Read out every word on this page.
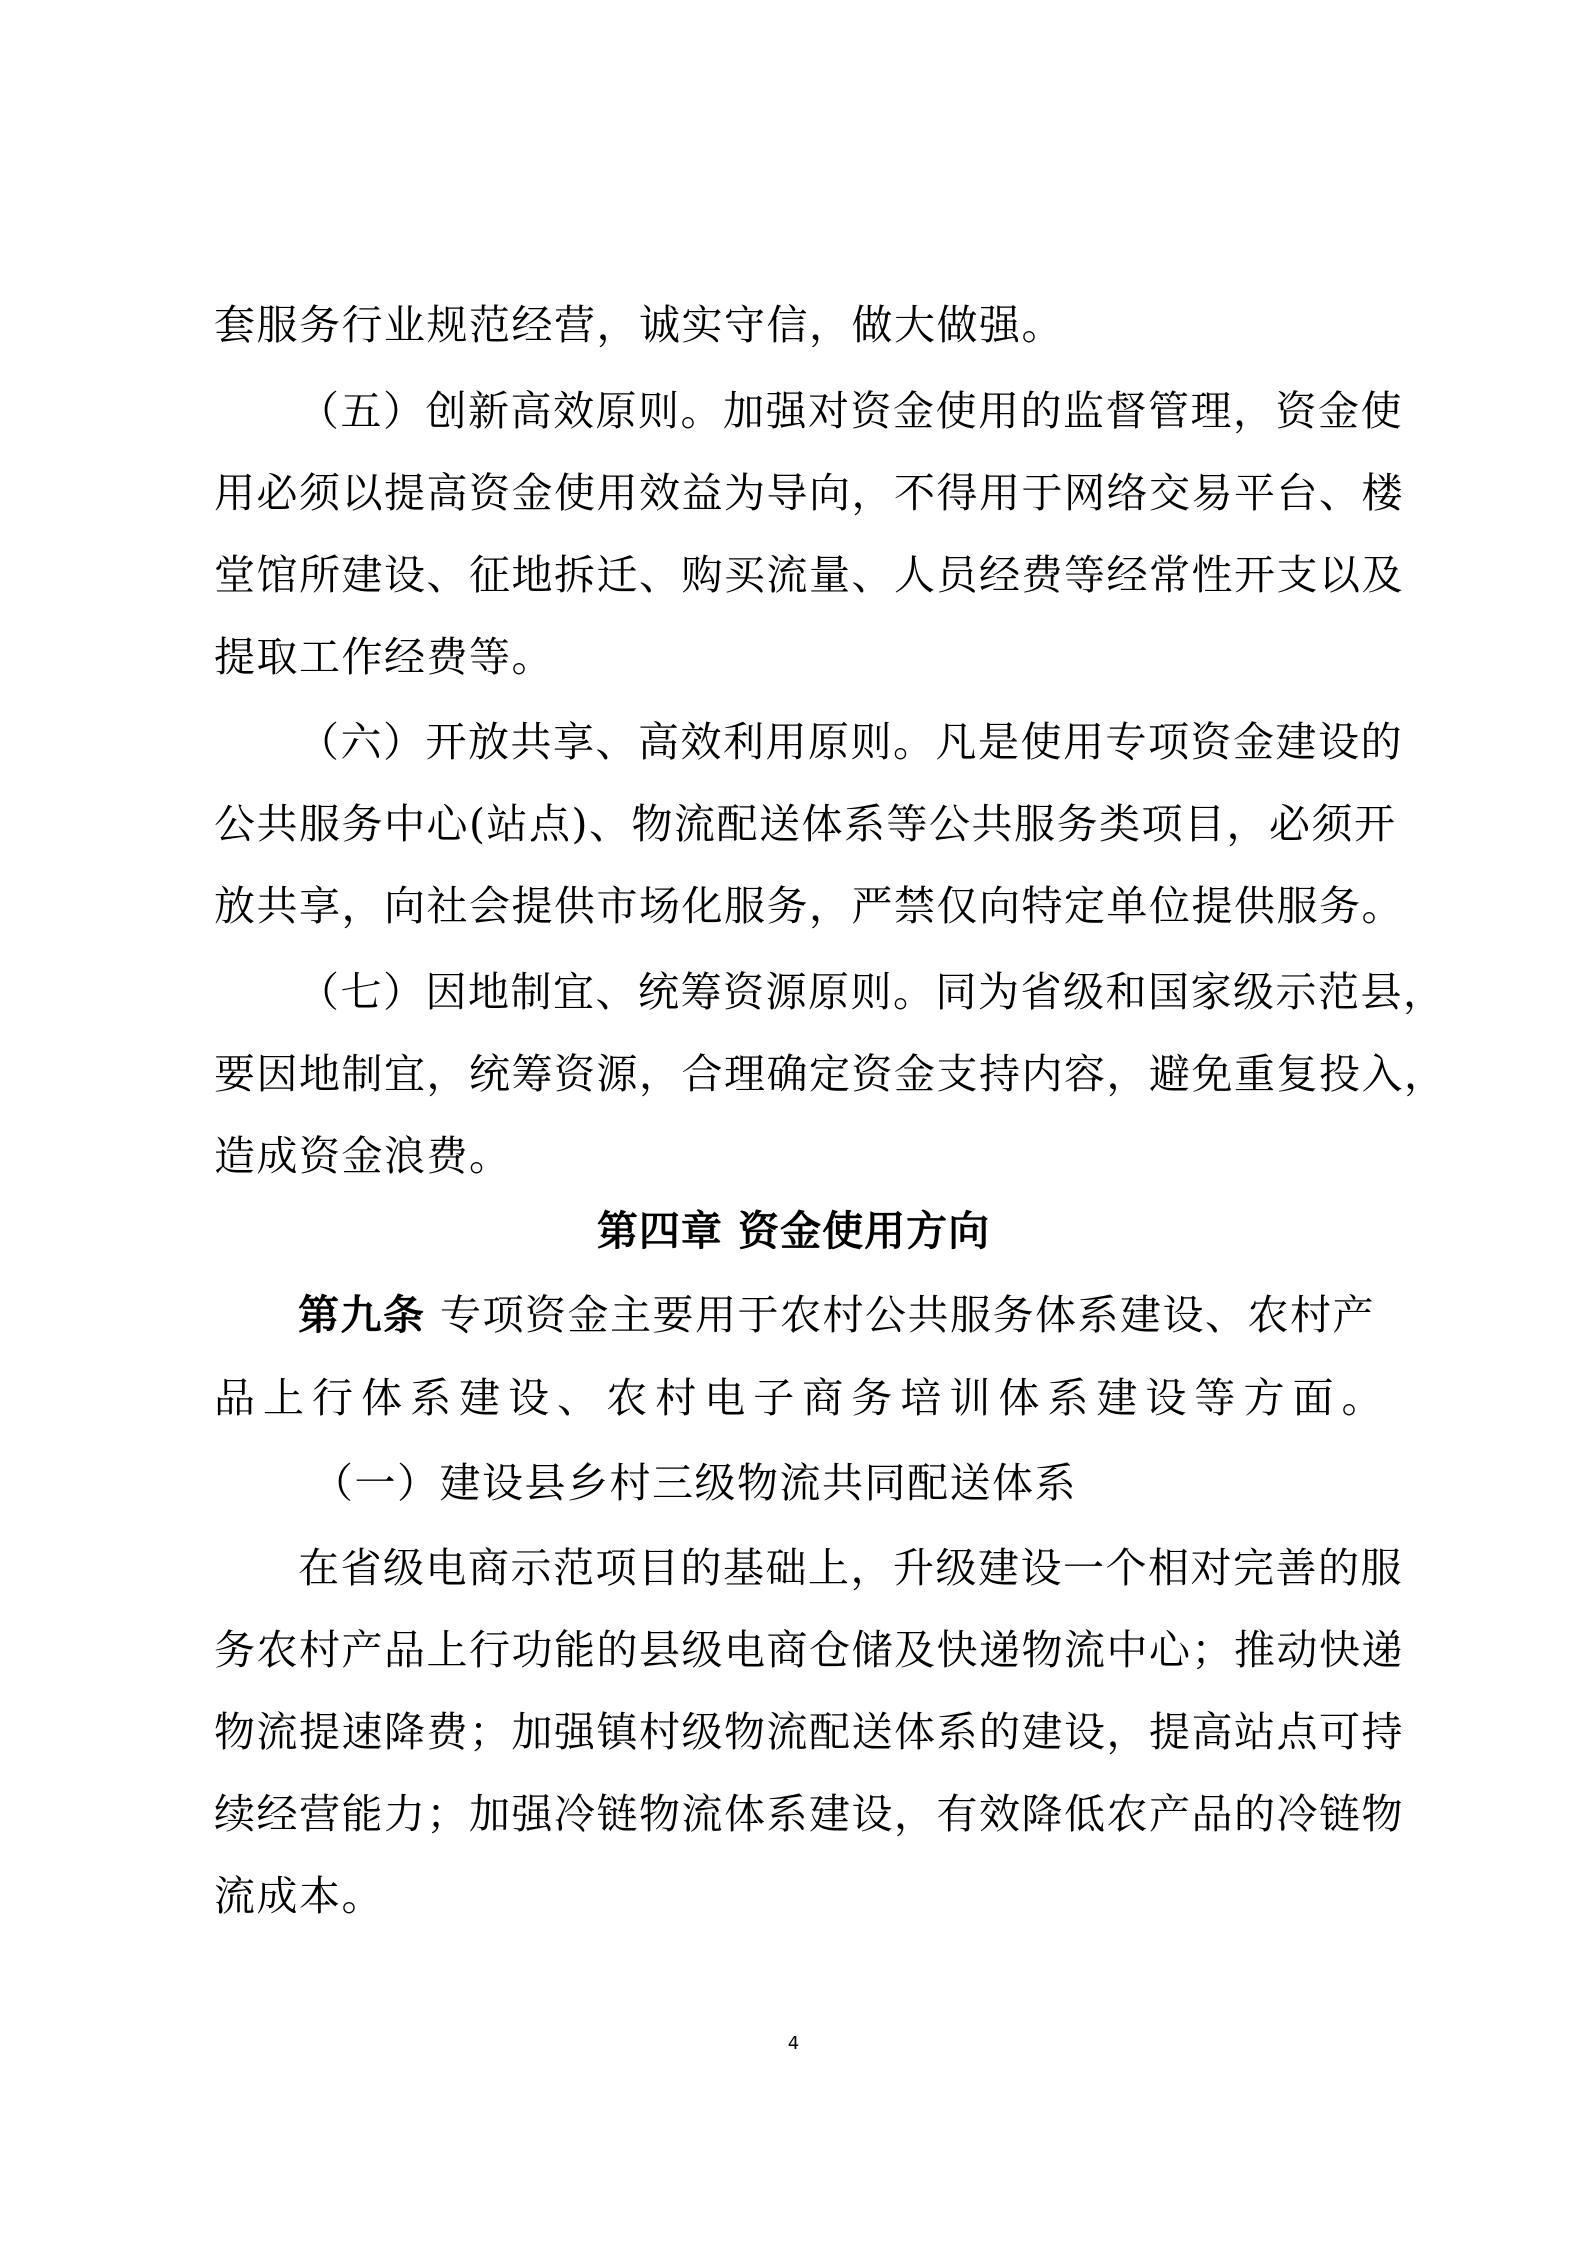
套服务行业规范经营，诚实守信，做大做强。
（五）创新高效原则。加强对资金使用的监督管理，资金使
用必须以提高资金使用效益为导向，不得用于网络交易平台、楼
堂馆所建设、征地拆迁、购买流量、人员经费等经常性开支以及
提取工作经费等。
（六）开放共享、高效利用原则。凡是使用专项资金建设的
公共服务中心(站点)、物流配送体系等公共服务类项目，必须开
放共享，向社会提供市场化服务，严禁仅向特定单位提供服务。
（七）因地制宜、统筹资源原则。同为省级和国家级示范县，
要因地制宜，统筹资源，合理确定资金支持内容，避免重复投入，
造成资金浪费。
第四章 资金使用方向
第九条 专项资金主要用于农村公共服务体系建设、农村产
品上行体系建设、农村电子商务培训体系建设等方面。
（一）建设县乡村三级物流共同配送体系
在省级电商示范项目的基础上，升级建设一个相对完善的服
务农村产品上行功能的县级电商仓储及快递物流中心；推动快递
物流提速降费；加强镇村级物流配送体系的建设，提高站点可持
续经营能力；加强冷链物流体系建设，有效降低农产品的冷链物
流成本。
4
